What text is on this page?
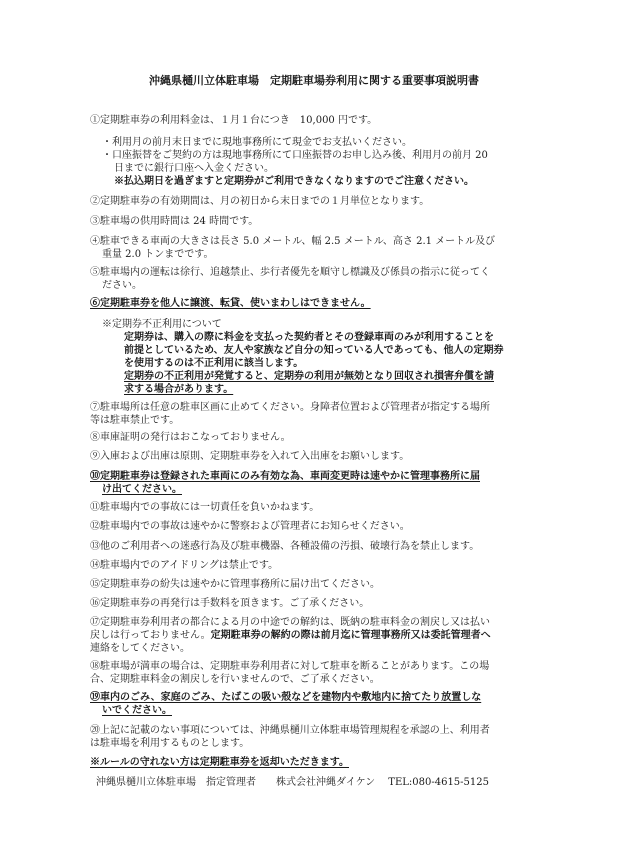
沖縄県樋川立体駐車場　定期駐車場券利用に関する重要事項説明書

①定期駐車券の利用料金は、１月１台につき　10,000 円です。

・利用月の前月末日までに現地事務所にて現金でお支払いください。

・口座振替をご契約の方は現地事務所にて口座振替のお申し込み後、利用月の前月 20

日までに銀行口座へ入金ください。

※払込期日を過ぎますと定期券がご利用できなくなりますのでご注意ください。

②定期駐車券の有効期間は、月の初日から末日までの１月単位となります。

③駐車場の供用時間は 24 時間です。

④駐車できる車両の大きさは長さ 5.0 メートル、幅 2.5 メートル、高さ 2.1 メートル及び

重量 2.0 トンまでです。

⑤駐車場内の運転は徐行、追越禁止、歩行者優先を順守し標識及び係員の指示に従ってく

ださい。

⑥定期駐車券を他人に譲渡、転貸、使いまわしはできません。

※定期券不正利用について

定期券は、購入の際に料金を支払った契約者とその登録車両のみが利用することを

前提としているため、友人や家族など自分の知っている人であっても、他人の定期券

を使用するのは不正利用に該当します。

定期券の不正利用が発覚すると、定期券の利用が無効となり回収され損害弁償を請

求する場合があります。

⑦駐車場所は任意の駐車区画に止めてください。身障者位置および管理者が指定する場所

等は駐車禁止です。

⑧車庫証明の発行はおこなっておりません。

⑨入庫および出庫は原則、定期駐車券を入れて入出庫をお願いします。

⑩定期駐車券は登録された車両にのみ有効な為、車両変更時は速やかに管理事務所に届

け出てください。

⑪駐車場内での事故には一切責任を負いかねます。

⑫駐車場内での事故は速やかに警察および管理者にお知らせください。

⑬他のご利用者への迷惑行為及び駐車機器、各種設備の汚損、破壊行為を禁止します。

⑭駐車場内でのアイドリングは禁止です。

⑮定期駐車券の紛失は速やかに管理事務所に届け出てください。

⑯定期駐車券の再発行は手数料を頂きます。ご了承ください。

⑰定期駐車券利用者の都合による月の中途での解約は、既納の駐車料金の割戻し又は払い

戻しは行っておりません。定期駐車券の解約の際は前月迄に管理事務所又は委託管理者へ

連絡をしてください。

⑱駐車場が満車の場合は、定期駐車券利用者に対して駐車を断ることがあります。この場

合、定期駐車料金の割戻しを行いませんので、ご了承ください。

⑲車内のごみ、家庭のごみ、たばこの吸い殻などを建物内や敷地内に捨てたり放置しな

いでください。

⑳上記に記載のない事項については、沖縄県樋川立体駐車場管理規程を承認の上、利用者

は駐車場を利用するものとします。

※ルールの守れない方は定期駐車券を返却いただきます。

沖縄県樋川立体駐車場　指定管理者　　株式会社沖縄ダイケン　 TEL:080-4615-5125
